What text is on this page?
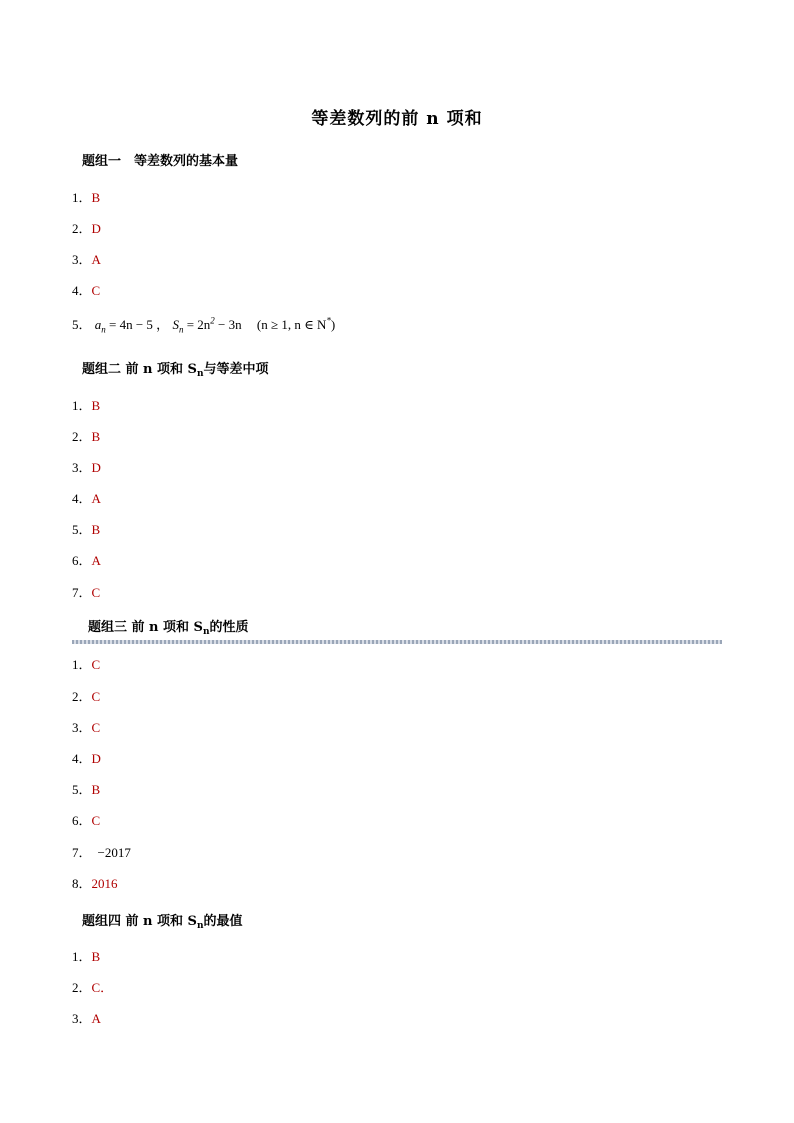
等差数列的前 n 项和
题组一　等差数列的基本量
1．B
2．D
3．A
4．C
5． $a_n = 4n - 5$ ， $S_n = 2n^2 - 3n$ (n ≥ 1, n ∈ N*)
题组二 前 n 项和 $S_n$与等差中项
1．B
2．B
3．D
4．A
5．B
6．A
7．C
题组三 前 n 项和 $S_n$的性质
1．C
2．C
3．C
4．D
5．B
6．C
7． −2017
8．2016
题组四 前 n 项和 $S_n$的最值
1．B
2．C．
3．A
